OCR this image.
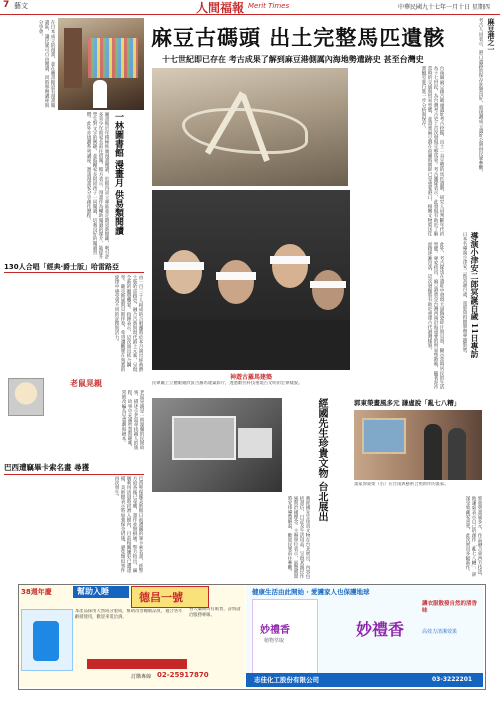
7 藝文	人間福報 Merit Times	中華民國九十七年一月十日 星期四
在日本成立的漫畫，並在圖書館設有漫畫閱讀區，讓民眾可自由閱讀，同時舉辦講座與分享會。
一林圖書館 漫畫月 供易類閱讀
圖書館近年積極推廣漫畫閱讀，於館內設立專區並定期更新館藏，吸引許多青少年與家長前往借閱。館方表示，漫畫作為輔助閱讀的媒介，能提升學生對文字的興趣，並鼓勵家長陪同孩子一同閱讀，培養良好的閱讀習慣。此外亦規劃系列講座，邀請漫畫家分享創作歷程。
130人合唱「經典‧爵士版」哈雷路亞
由一百三十人組成的合唱團將於本月演出經典爵士版哈雷路亞，融合古典與現代爵士元素，呈現全新的聽覺饗宴。指揮表示，這次演出結合鋼琴、薩克斯風與貝斯伴奏，希望讓觀眾在熟悉的旋律中感受到不同的詮釋與活力。
老鼠晃親
老鼠晃親是一則溫馨的民間故事，描述小老鼠尋找親人的旅程，故事中充滿智慧與趣味，常被改編為兒童劇與繪本。
巴西遭竊畢卡索名畫 尋獲
巴西聖保羅美術館日前遭竊的畢卡索名畫，經警方追查後已尋獲，畫作並無損壞。警方指出，竊賊利用清晨時段潛入館內，目前相關嫌犯已遭逮捕，美術館表示將加強保全措施，避免類似事件再次發生。
麻豆古碼頭 出土完整馬匹遺骸
十七世紀即已存在 考古成果了解到麻豆港側厲內海地勢遺跡史 甚至台灣史
台南縣麻豆鎮古碼頭遺址考古挖掘，出土一具完整的馬匹遺骸，研究人員判斷年代約為十七世紀，為台灣考古史上首次發現完整馬骨。考古團隊表示，此發現有助於了解當時的交通與貿易型態，並證實麻豆港在荷蘭時期即已是重要港口，相關文物將送往實驗室進行進一步分析與保存。
神遊古羅馬建築
民眾戴上立體眼鏡欣賞古羅馬建築影片，透過數位科技重現古文明的宏偉樣貌。	此外，考古隊也在遺址中發現大量陶瓷碎片與貝殼，顯示當時居民的生活型態。專家指出，麻豆港曾是台灣西南沿海重要的貿易集散地，隨著泥沙淤積逐漸沒落，這次發掘將有助於重建古代港灣樣貌。
考古人員表示，港口遺跡的保存狀態良好，將規劃成立遺址公園供民眾參觀。 麻豆港之一
導演小津安二郎冥誕百歲 11日專訪
日本名導演小津安二郎冥誕百歲，電影資料館舉辦專題影展。
郭東榮畫風多元 謙虛說「亂七八糟」
畫家郭東榮（右）在台南與藝術合照新作的畫家。
經國先生珍貴文物 台北展出
蔣經國先生珍貴文物在台北展出，內容包括書信、日記及生活用品，呈現其親民作風與治國理念。主辦單位表示，展覽期間將安排導覽解說，歡迎民眾前往參觀。	郭東榮畫風多元，作品融合東西方技法，他謙虛表示自己的創作「亂七八糟」，卻深受收藏家喜愛，此次展出多幅新作。
38週年慶	幫助入睡	德昌一號
本產品採用天然成分製成，幫助改善睡眠品質，適合各年齡層使用，歡迎來電洽詢。
各大藥局均有販售，詳情請洽服務專線。
訂購專線 02-25917870
健康生活由此開始 · 愛護家人也保護地球
妙禮香
植物萃取
妙禮香
讓衣服散發自然的清香味
高效力清潔效果
志佳化工股份有限公司	03-3222201
